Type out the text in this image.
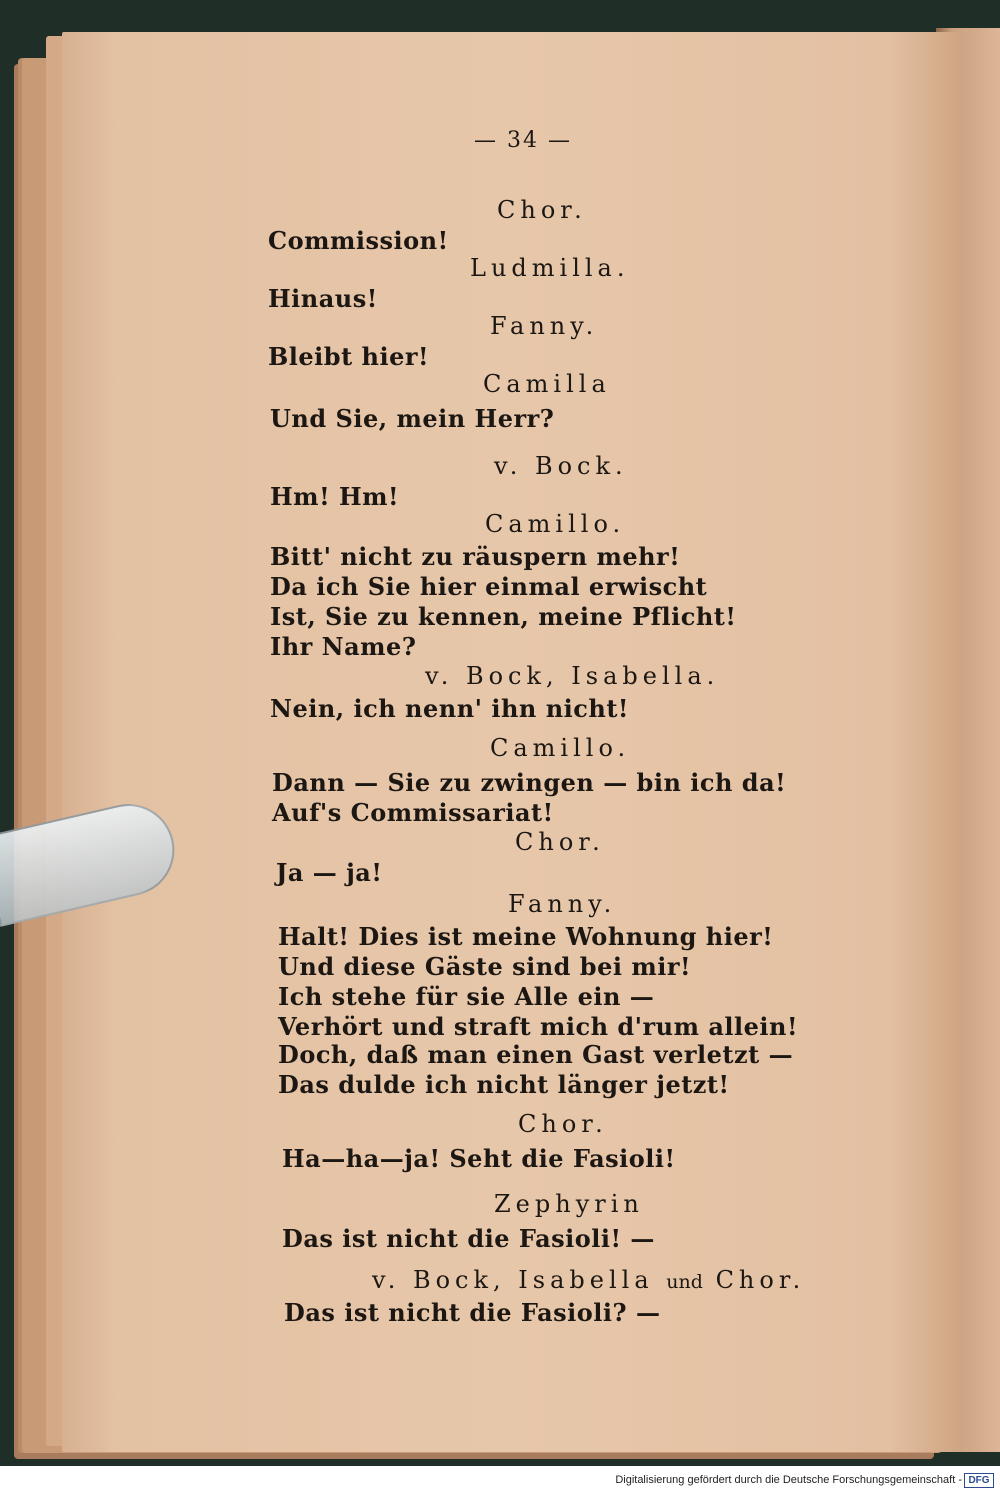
— 34 —
Chor.
Commission!
Ludmilla.
Hinaus!
Fanny.
Bleibt hier!
Camilla
Und Sie, mein Herr?
v. Bock.
Hm! Hm!
Camillo.
Bitt' nicht zu räuspern mehr!
Da ich Sie hier einmal erwischt
Ist, Sie zu kennen, meine Pflicht!
Ihr Name?
v. Bock, Isabella.
Nein, ich nenn' ihn nicht!
Camillo.
Dann — Sie zu zwingen — bin ich da!
Auf's Commissariat!
Chor.
Ja — ja!
Fanny.
Halt! Dies ist meine Wohnung hier!
Und diese Gäste sind bei mir!
Ich stehe für sie Alle ein —
Verhört und straft mich d'rum allein!
Doch, daß man einen Gast verletzt —
Das dulde ich nicht länger jetzt!
Chor.
Ha—ha—ja! Seht die Fasioli!
Zephyrin
Das ist nicht die Fasioli! —
v. Bock, Isabella und Chor.
Das ist nicht die Fasioli? —
Digitalisierung gefördert durch die Deutsche Forschungsgemeinschaft - DFG
